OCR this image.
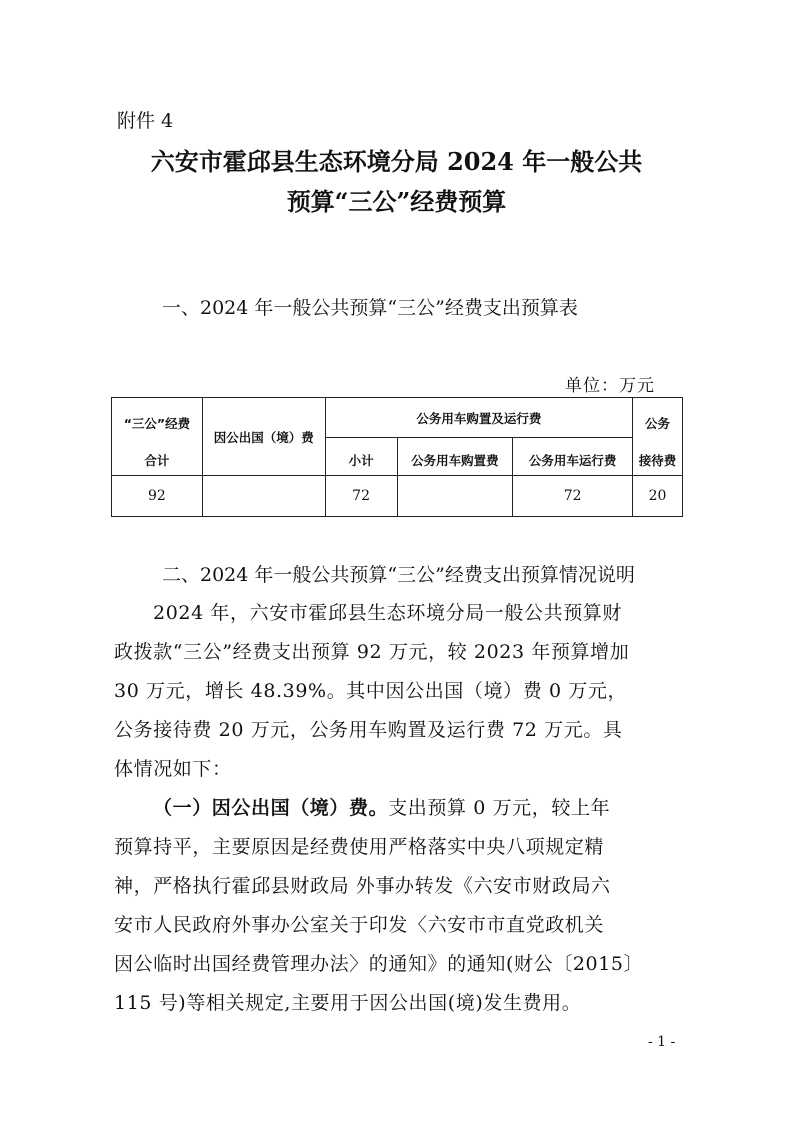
附件 4
六安市霍邱县生态环境分局 2024 年一般公共
预算“三公”经费预算
一、2024 年一般公共预算“三公”经费支出预算表
单位：万元
“三公”经费	因公出国（境）费	公务用车购置及运行费			公务
合计		小计	公务用车购置费	公务用车运行费	接待费
92		72		72	20
二、2024 年一般公共预算“三公”经费支出预算情况说明
2024 年，六安市霍邱县生态环境分局一般公共预算财
政拨款“三公”经费支出预算 92 万元，较 2023 年预算增加
30 万元，增长 48.39%。其中因公出国（境）费 0 万元，
公务接待费 20 万元，公务用车购置及运行费 72 万元。具
体情况如下：
（一）因公出国（境）费。支出预算 0 万元，较上年
预算持平，主要原因是经费使用严格落实中央八项规定精
神，严格执行霍邱县财政局 外事办转发《六安市财政局六
安市人民政府外事办公室关于印发〈六安市市直党政机关
因公临时出国经费管理办法〉的通知》的通知(财公〔2015〕
115 号)等相关规定,主要用于因公出国(境)发生费用。
- 1 -
